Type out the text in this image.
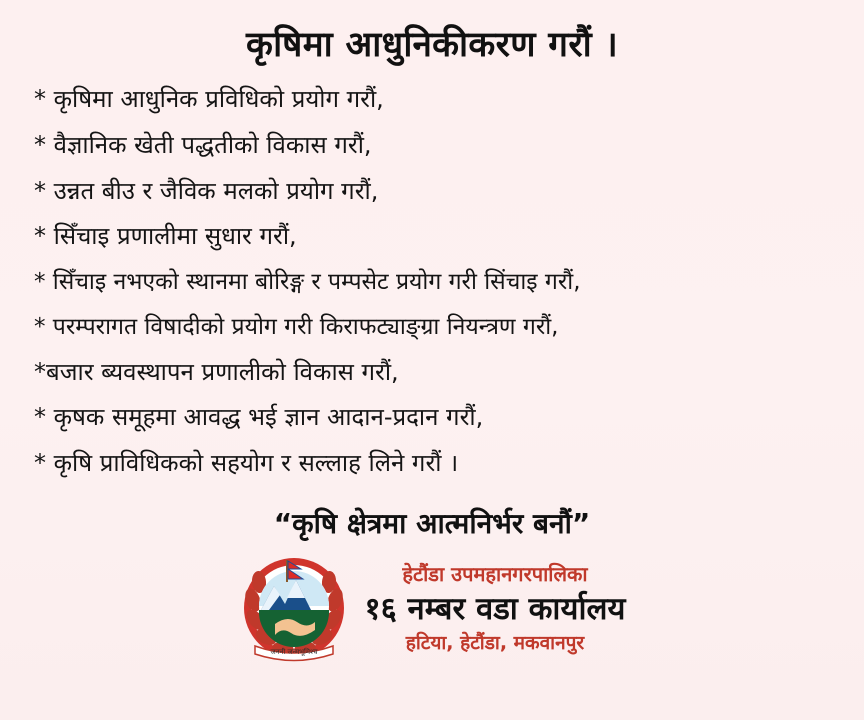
कृषिमा आधुनिकीकरण गरौं ।
* कृषिमा आधुनिक प्रविधिको प्रयोग गरौं,
* वैज्ञानिक खेती पद्धतीको विकास गरौं,
* उन्नत बीउ र जैविक मलको प्रयोग गरौं,
* सिँचाइ प्रणालीमा सुधार गरौं,
* सिँचाइ नभएको स्थानमा बोरिङ्ग र पम्पसेट प्रयोग गरी सिंचाइ गरौं,
* परम्परागत विषादीको प्रयोग गरी किराफट्याङ्ग्रा नियन्त्रण गरौं,
*बजार ब्यवस्थापन प्रणालीको विकास गरौं,
* कृषक समूहमा आवद्ध भई ज्ञान आदान-प्रदान गरौं,
* कृषि प्राविधिकको सहयोग र सल्लाह लिने गरौं ।
“कृषि क्षेत्रमा आत्मनिर्भर बनौं”
जननी जन्मभूमिश्च
हेटौंडा उपमहानगरपालिका
१६ नम्बर वडा कार्यालय
हटिया, हेटौंडा, मकवानपुर
